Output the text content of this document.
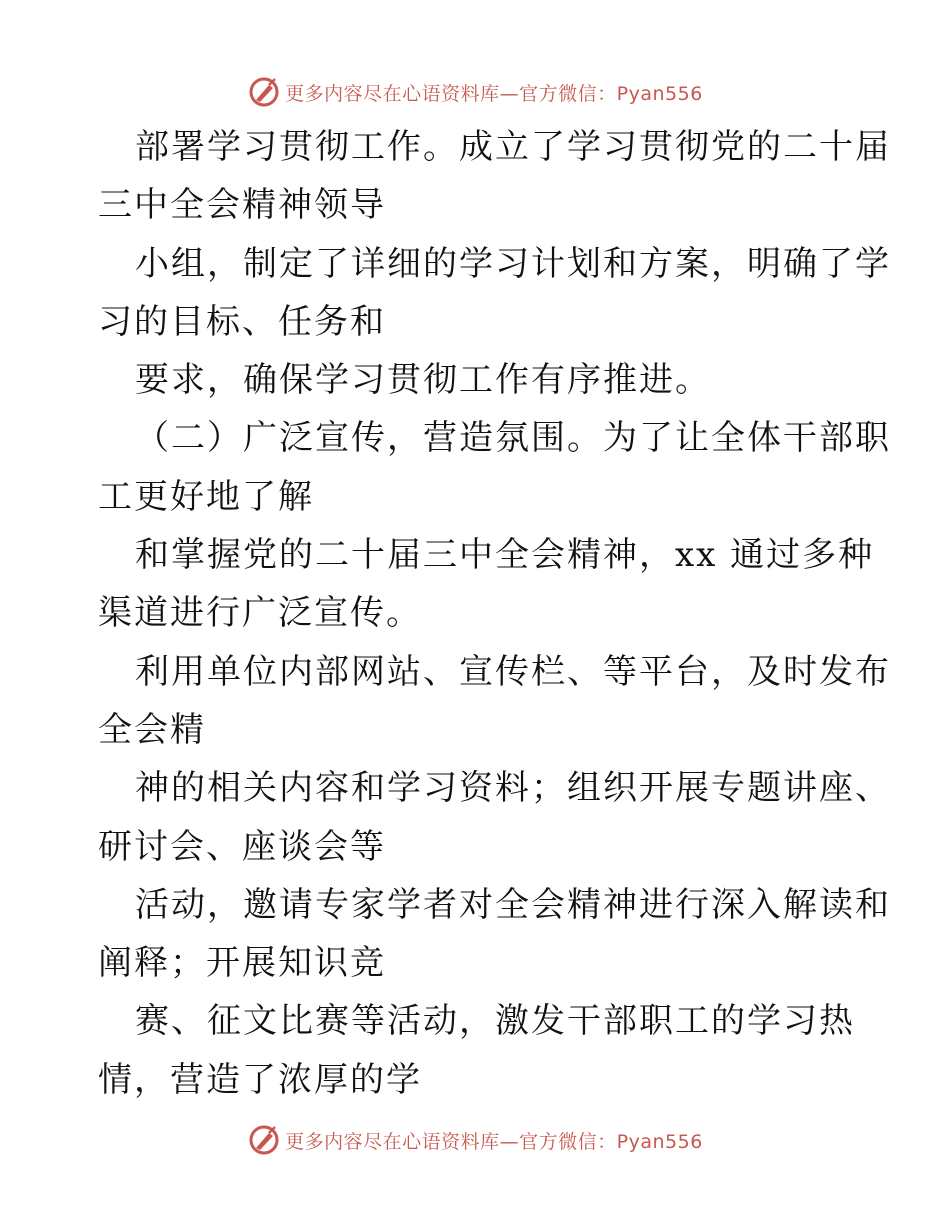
更多内容尽在心语资料库—官方微信：Pyan556
部署学习贯彻工作。成立了学习贯彻党的二十届
三中全会精神领导
小组，制定了详细的学习计划和方案，明确了学
习的目标、任务和
要求，确保学习贯彻工作有序推进。
（二）广泛宣传，营造氛围。为了让全体干部职
工更好地了解
和掌握党的二十届三中全会精神，xx 通过多种
渠道进行广泛宣传。
利用单位内部网站、宣传栏、等平台，及时发布
全会精
神的相关内容和学习资料；组织开展专题讲座、
研讨会、座谈会等
活动，邀请专家学者对全会精神进行深入解读和
阐释；开展知识竞
赛、征文比赛等活动，激发干部职工的学习热
情，营造了浓厚的学
更多内容尽在心语资料库—官方微信：Pyan556
